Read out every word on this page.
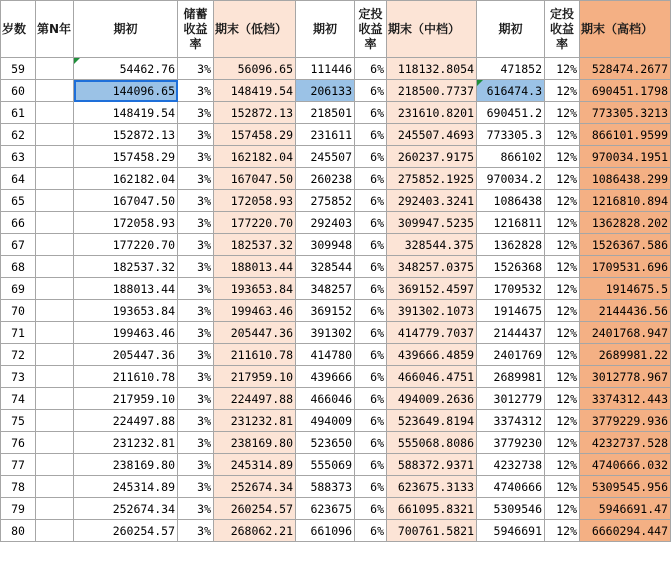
岁数	第N年	期初	储蓄收益率	期末（低档）	期初	定投收益率	期末（中档）	期初	定投收益率	期末（高档）
59		54462.76	3%	56096.65	111446	6%	118132.8054	471852	12%	528474.2677
60		144096.65	3%	148419.54	206133	6%	218500.7737	616474.3	12%	690451.1798
61		148419.54	3%	152872.13	218501	6%	231610.8201	690451.2	12%	773305.3213
62		152872.13	3%	157458.29	231611	6%	245507.4693	773305.3	12%	866101.9599
63		157458.29	3%	162182.04	245507	6%	260237.9175	866102	12%	970034.1951
64		162182.04	3%	167047.50	260238	6%	275852.1925	970034.2	12%	1086438.299
65		167047.50	3%	172058.93	275852	6%	292403.3241	1086438	12%	1216810.894
66		172058.93	3%	177220.70	292403	6%	309947.5235	1216811	12%	1362828.202
67		177220.70	3%	182537.32	309948	6%	328544.375	1362828	12%	1526367.586
68		182537.32	3%	188013.44	328544	6%	348257.0375	1526368	12%	1709531.696
69		188013.44	3%	193653.84	348257	6%	369152.4597	1709532	12%	1914675.5
70		193653.84	3%	199463.46	369152	6%	391302.1073	1914675	12%	2144436.56
71		199463.46	3%	205447.36	391302	6%	414779.7037	2144437	12%	2401768.947
72		205447.36	3%	211610.78	414780	6%	439666.4859	2401769	12%	2689981.22
73		211610.78	3%	217959.10	439666	6%	466046.4751	2689981	12%	3012778.967
74		217959.10	3%	224497.88	466046	6%	494009.2636	3012779	12%	3374312.443
75		224497.88	3%	231232.81	494009	6%	523649.8194	3374312	12%	3779229.936
76		231232.81	3%	238169.80	523650	6%	555068.8086	3779230	12%	4232737.528
77		238169.80	3%	245314.89	555069	6%	588372.9371	4232738	12%	4740666.032
78		245314.89	3%	252674.34	588373	6%	623675.3133	4740666	12%	5309545.956
79		252674.34	3%	260254.57	623675	6%	661095.8321	5309546	12%	5946691.47
80		260254.57	3%	268062.21	661096	6%	700761.5821	5946691	12%	6660294.447
